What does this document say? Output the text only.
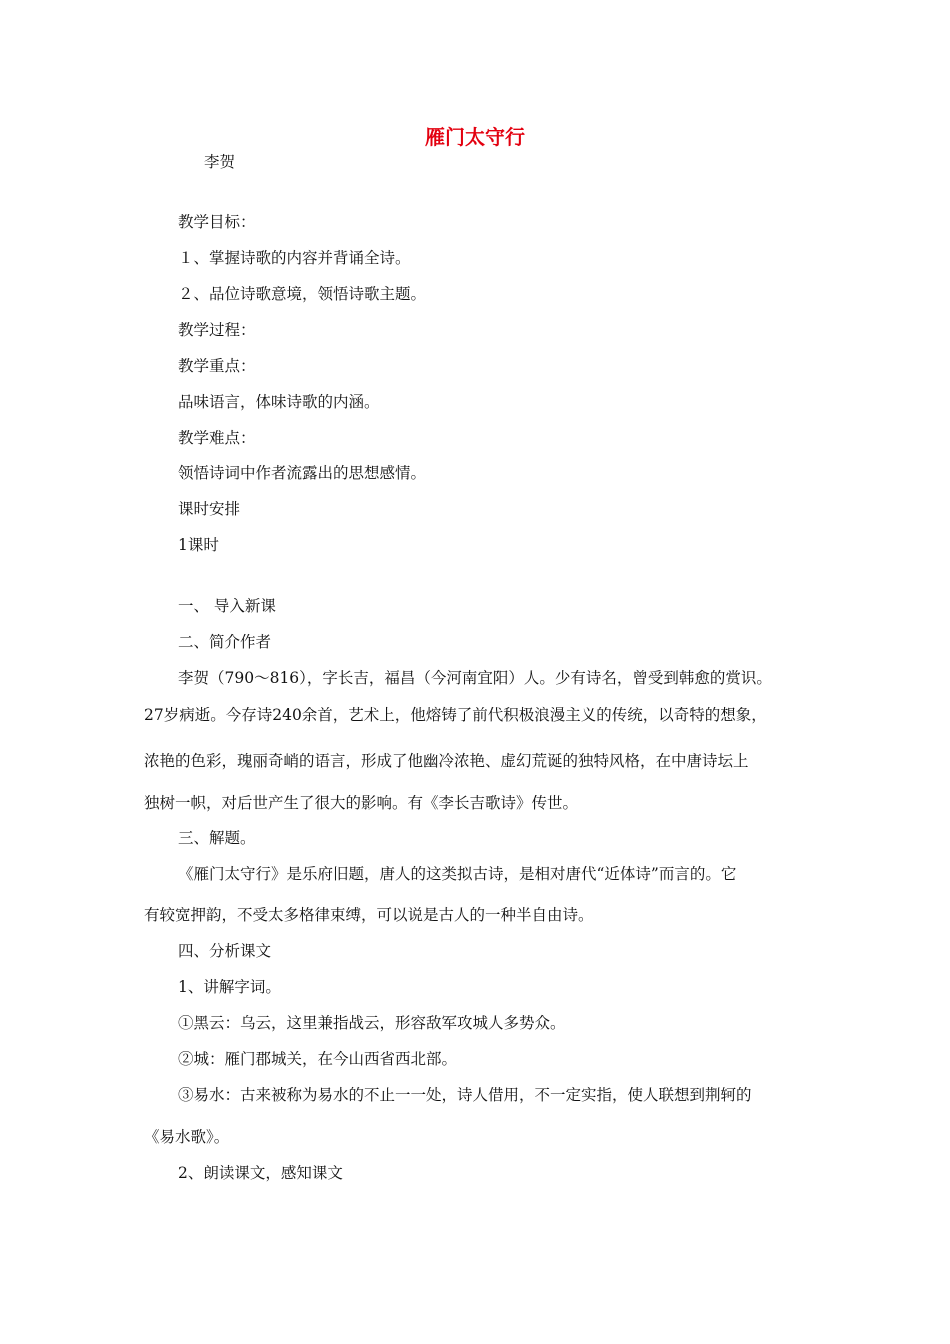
雁门太守行
李贺
教学目标：
１、掌握诗歌的内容并背诵全诗。
２、品位诗歌意境，领悟诗歌主题。
教学过程：
教学重点：
品味语言，体味诗歌的内涵。
教学难点：
领悟诗词中作者流露出的思想感情。
课时安排
1课时
一、 导入新课
二、简介作者
李贺（790～816），字长吉，福昌（今河南宜阳）人。少有诗名，曾受到韩愈的赏识。
27岁病逝。今存诗240余首，艺术上，他熔铸了前代积极浪漫主义的传统，以奇特的想象，
浓艳的色彩，瑰丽奇峭的语言，形成了他幽冷浓艳、虚幻荒诞的独特风格，在中唐诗坛上
独树一帜，对后世产生了很大的影响。有《李长吉歌诗》传世。
三、解题。
《雁门太守行》是乐府旧题，唐人的这类拟古诗，是相对唐代“近体诗”而言的。它
有较宽押韵，不受太多格律束缚，可以说是古人的一种半自由诗。
四、分析课文
1、讲解字词。
①黑云：乌云，这里兼指战云，形容敌军攻城人多势众。
②城：雁门郡城关，在今山西省西北部。
③易水：古来被称为易水的不止一一处，诗人借用，不一定实指，使人联想到荆轲的
《易水歌》。
2、朗读课文，感知课文
